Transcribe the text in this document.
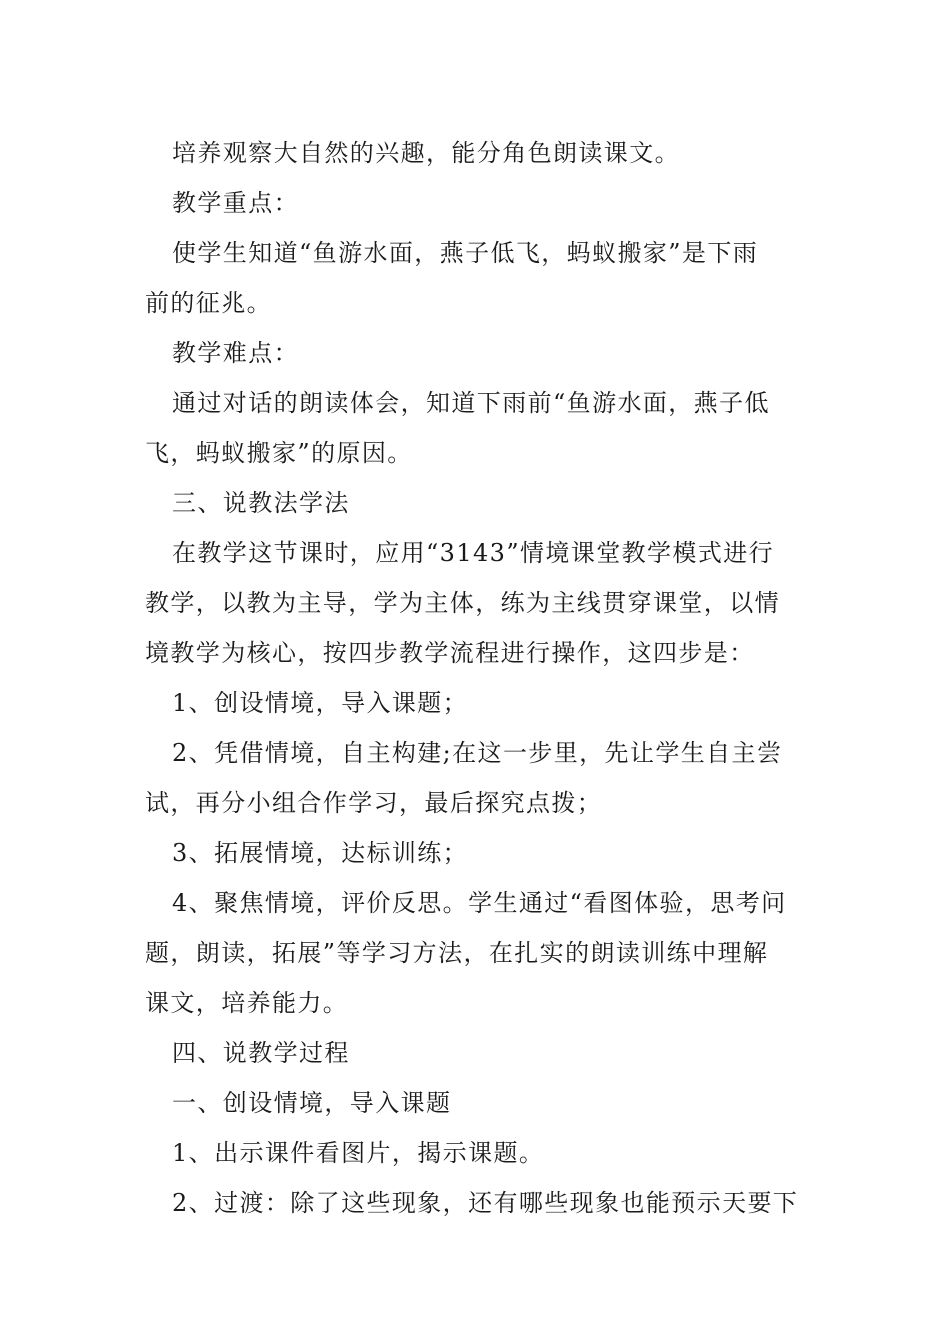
培养观察大自然的兴趣，能分角色朗读课文。
教学重点：
使学生知道“鱼游水面，燕子低飞，蚂蚁搬家”是下雨
前的征兆。
教学难点：
通过对话的朗读体会，知道下雨前“鱼游水面，燕子低
飞，蚂蚁搬家”的原因。
三、说教法学法
在教学这节课时，应用“3143”情境课堂教学模式进行
教学，以教为主导，学为主体，练为主线贯穿课堂，以情
境教学为核心，按四步教学流程进行操作，这四步是：
1、创设情境，导入课题；
2、凭借情境，自主构建;在这一步里，先让学生自主尝
试，再分小组合作学习，最后探究点拨；
3、拓展情境，达标训练；
4、聚焦情境，评价反思。学生通过“看图体验，思考问
题，朗读，拓展”等学习方法，在扎实的朗读训练中理解
课文，培养能力。
四、说教学过程
一、创设情境，导入课题
1、出示课件看图片，揭示课题。
2、过渡：除了这些现象，还有哪些现象也能预示天要下
